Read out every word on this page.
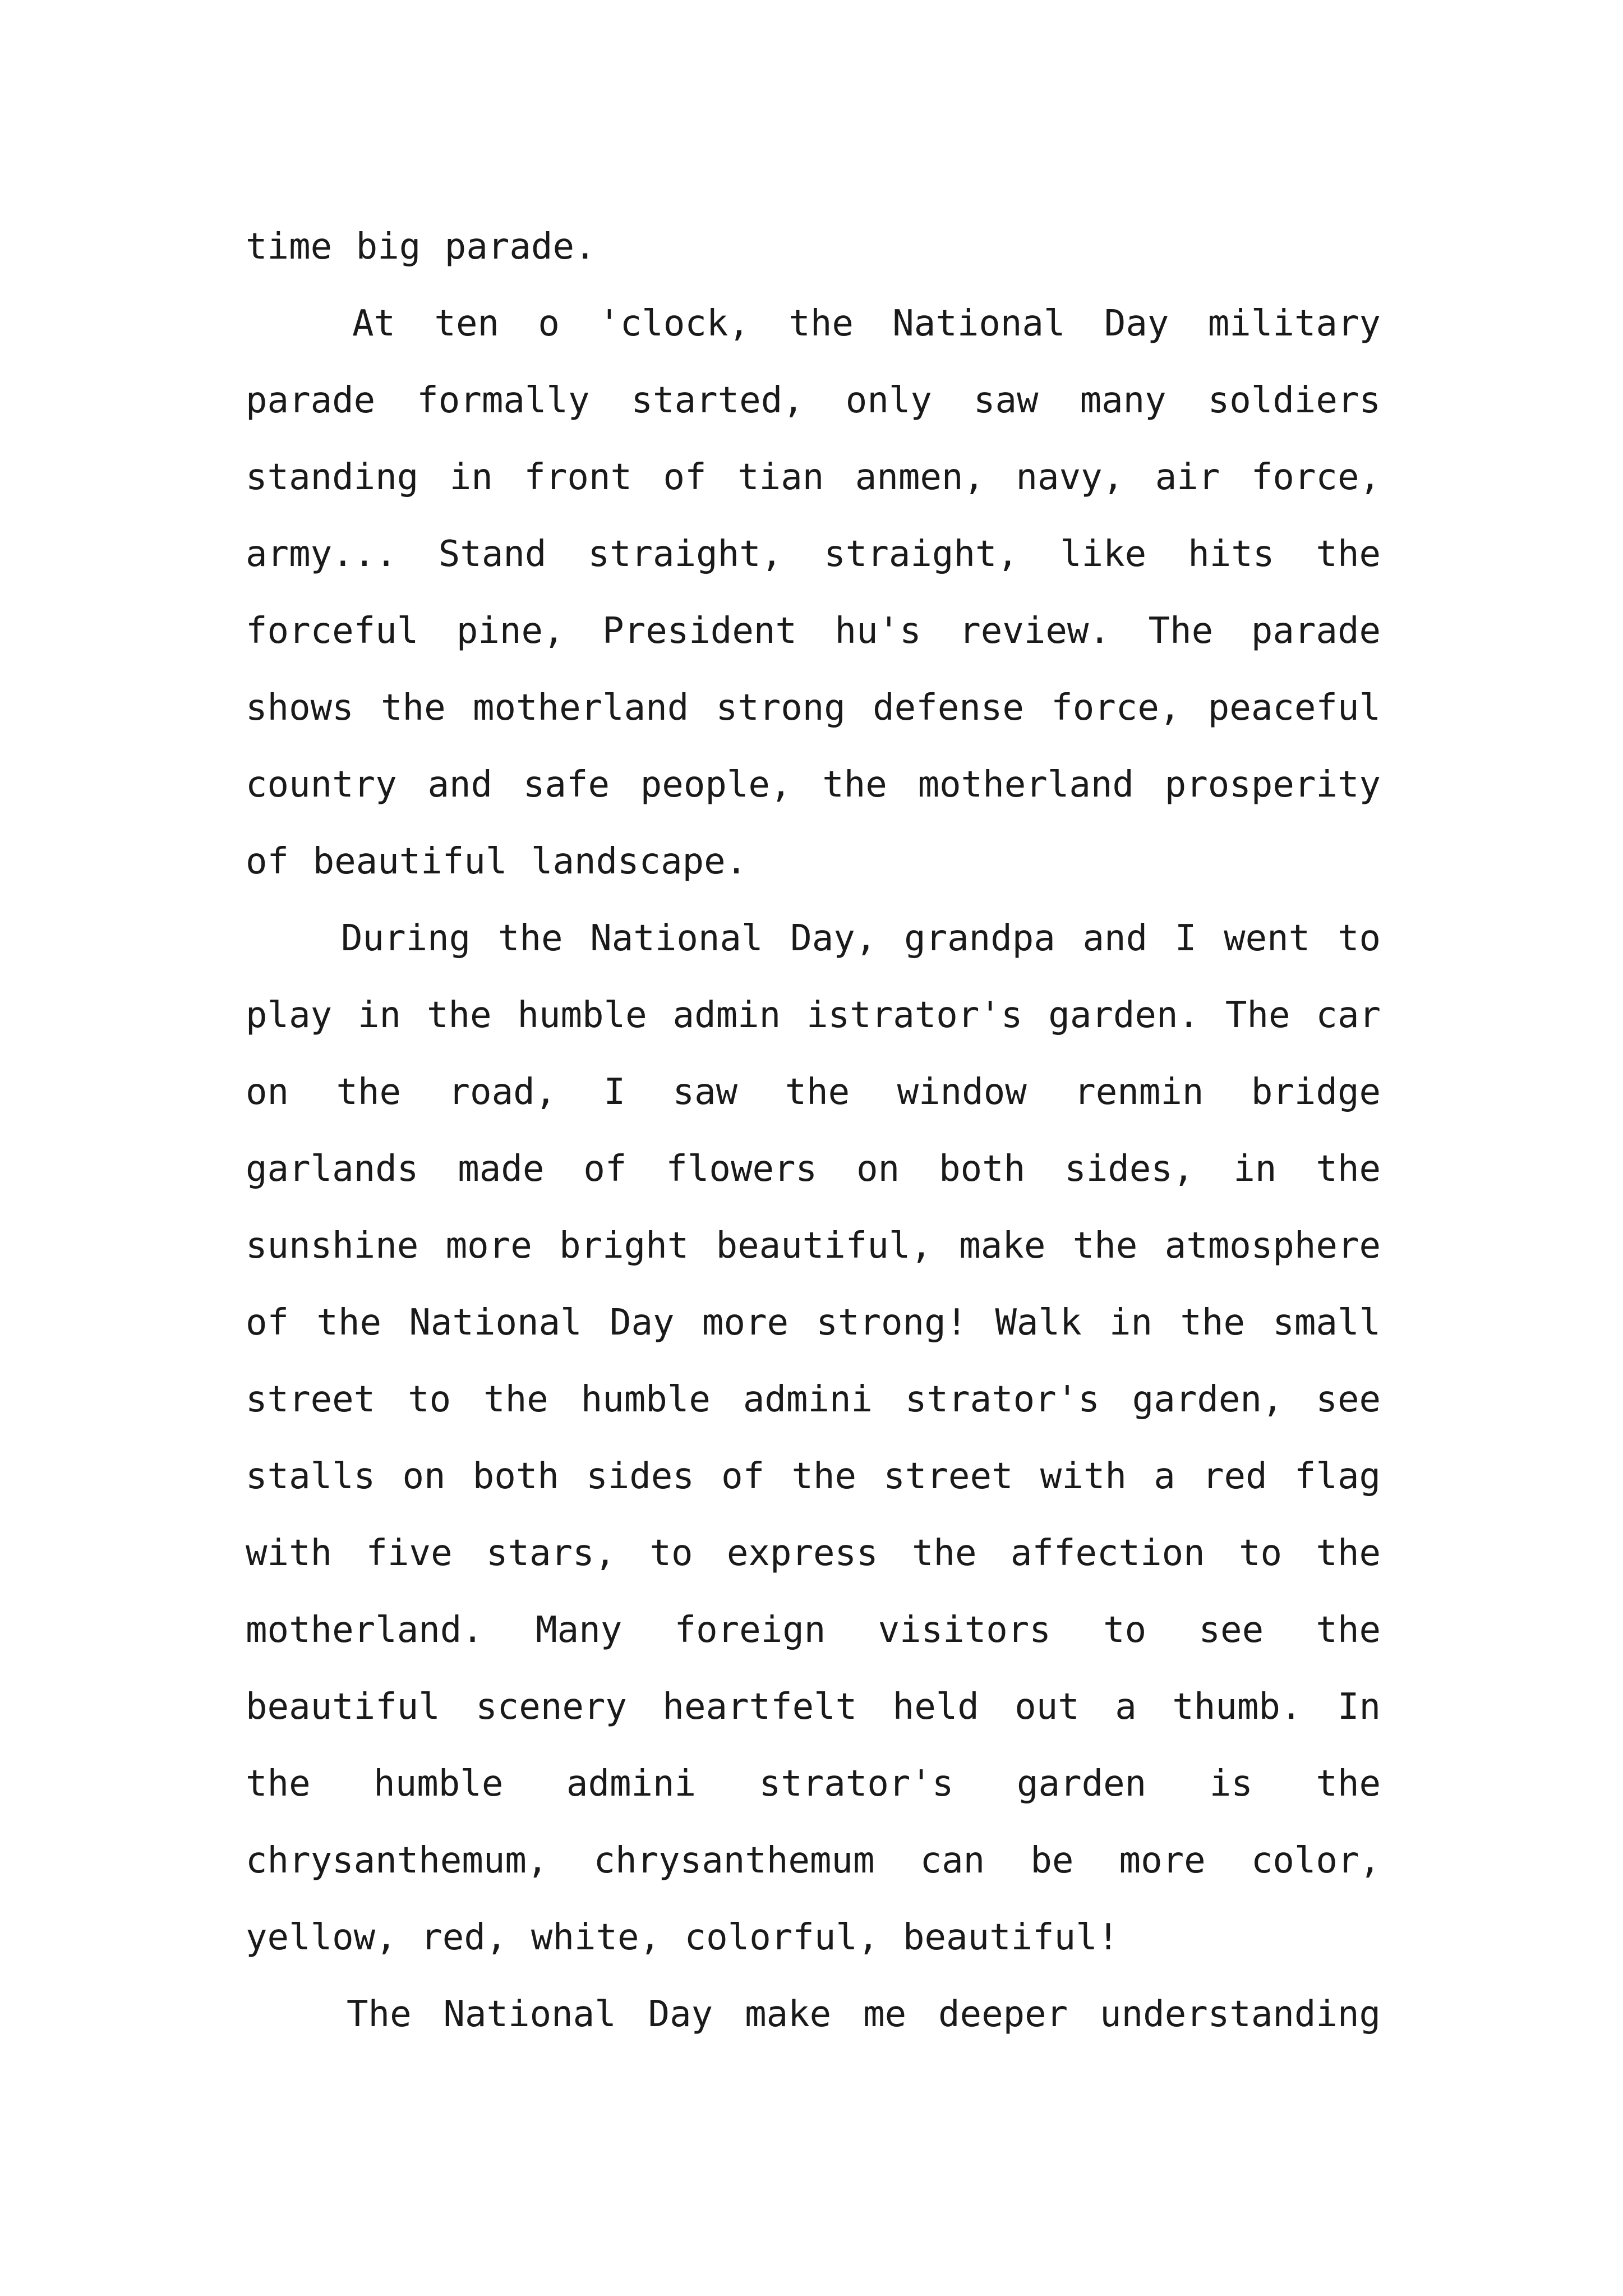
time big parade.

At ten o 'clock, the National Day military parade formally started, only saw many soldiers standing in front of tian anmen, navy, air force, army... Stand straight, straight, like hits the forceful pine, President hu's review. The parade shows the motherland strong defense force, peaceful country and safe people, the motherland prosperity of beautiful landscape.

During the National Day, grandpa and I went to play in the humble admin istrator's garden. The car on the road, I saw the window renmin bridge garlands made of flowers on both sides, in the sunshine more bright beautiful, make the atmosphere of the National Day more strong! Walk in the small street to the humble admini strator's garden, see stalls on both sides of the street with a red flag with five stars, to express the affection to the motherland. Many foreign visitors to see the beautiful scenery heartfelt held out a thumb. In the humble admini strator's garden is the chrysanthemum, chrysanthemum can be more color, yellow, red, white, colorful, beautiful!

The National Day make me deeper understanding
